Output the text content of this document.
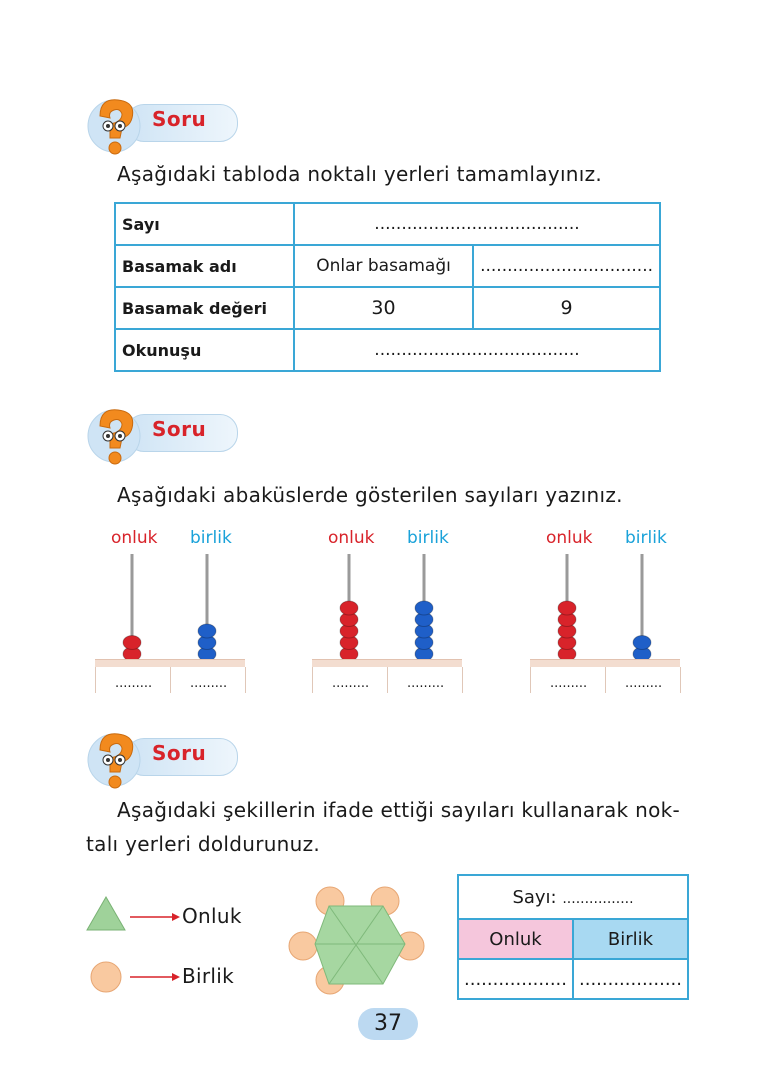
Soru
Aşağıdaki tabloda noktalı yerleri tamamlayınız.
Sayı	......................................	
Basamak adı	Onlar basamağı	................................
Basamak değeri	30	9
Okunuşu	......................................	
Soru
Aşağıdaki abaküslerde gösterilen sayıları yazınız.
onluk birlik
.........	.........
onluk birlik
.........	.........
onluk birlik
.........	.........
Soru
Aşağıdaki şekillerin ifade ettiği sayıları kullanarak nok-
talı yerleri doldurunuz.
Onluk
Birlik
Sayı: ................	
Onluk	Birlik
..................	..................
37
